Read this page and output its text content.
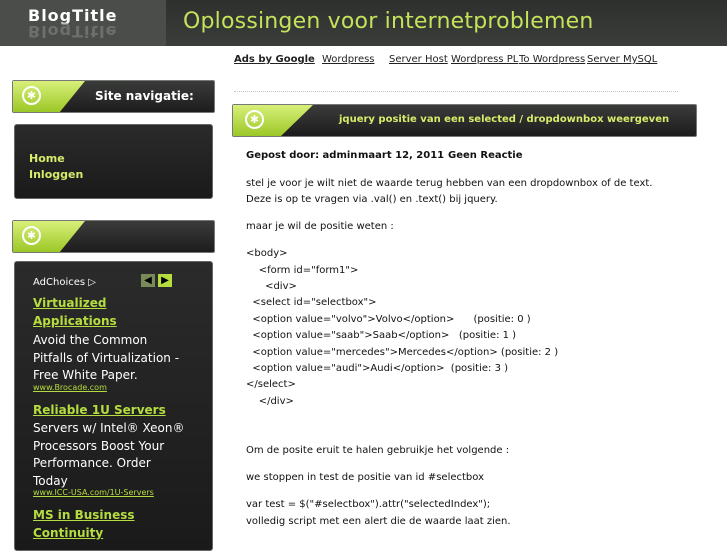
BlogTitle
BlogTitle	Oplossingen voor internetproblemen
Ads by Google Wordpress Server Host Wordpress PL To Wordpress Server MySQL
✱	Site navigatie:
Home
Inloggen
✱
AdChoices ▷	◀ ▶
Virtualized
Applications
Avoid the Common
Pitfalls of Virtualization -
Free White Paper.
www.Brocade.com
Reliable 1U Servers
Servers w/ Intel® Xeon®
Processors Boost Your
Performance. Order
Today
www.ICC-USA.com/1U-Servers
MS in Business
Continuity
✱	jquery positie van een selected / dropdownbox weergeven
Gepost door: admin maart 12, 2011 Geen Reactie
stel je voor je wilt niet de waarde terug hebben van een dropdownbox of de text.
Deze is op te vragen via .val() en .text() bij jquery.
maar je wil de positie weten :
<body>
<form id="form1">
<div>
<select id="selectbox">
<option value="volvo">Volvo</option>      (positie: 0 )
<option value="saab">Saab</option>   (positie: 1 )
<option value="mercedes">Mercedes</option> (positie: 2 )
<option value="audi">Audi</option>  (positie: 3 )
</select>
</div>
Om de posite eruit te halen gebruikje het volgende :
we stoppen in test de positie van id #selectbox
var test = $("#selectbox").attr("selectedIndex");
volledig script met een alert die de waarde laat zien.
